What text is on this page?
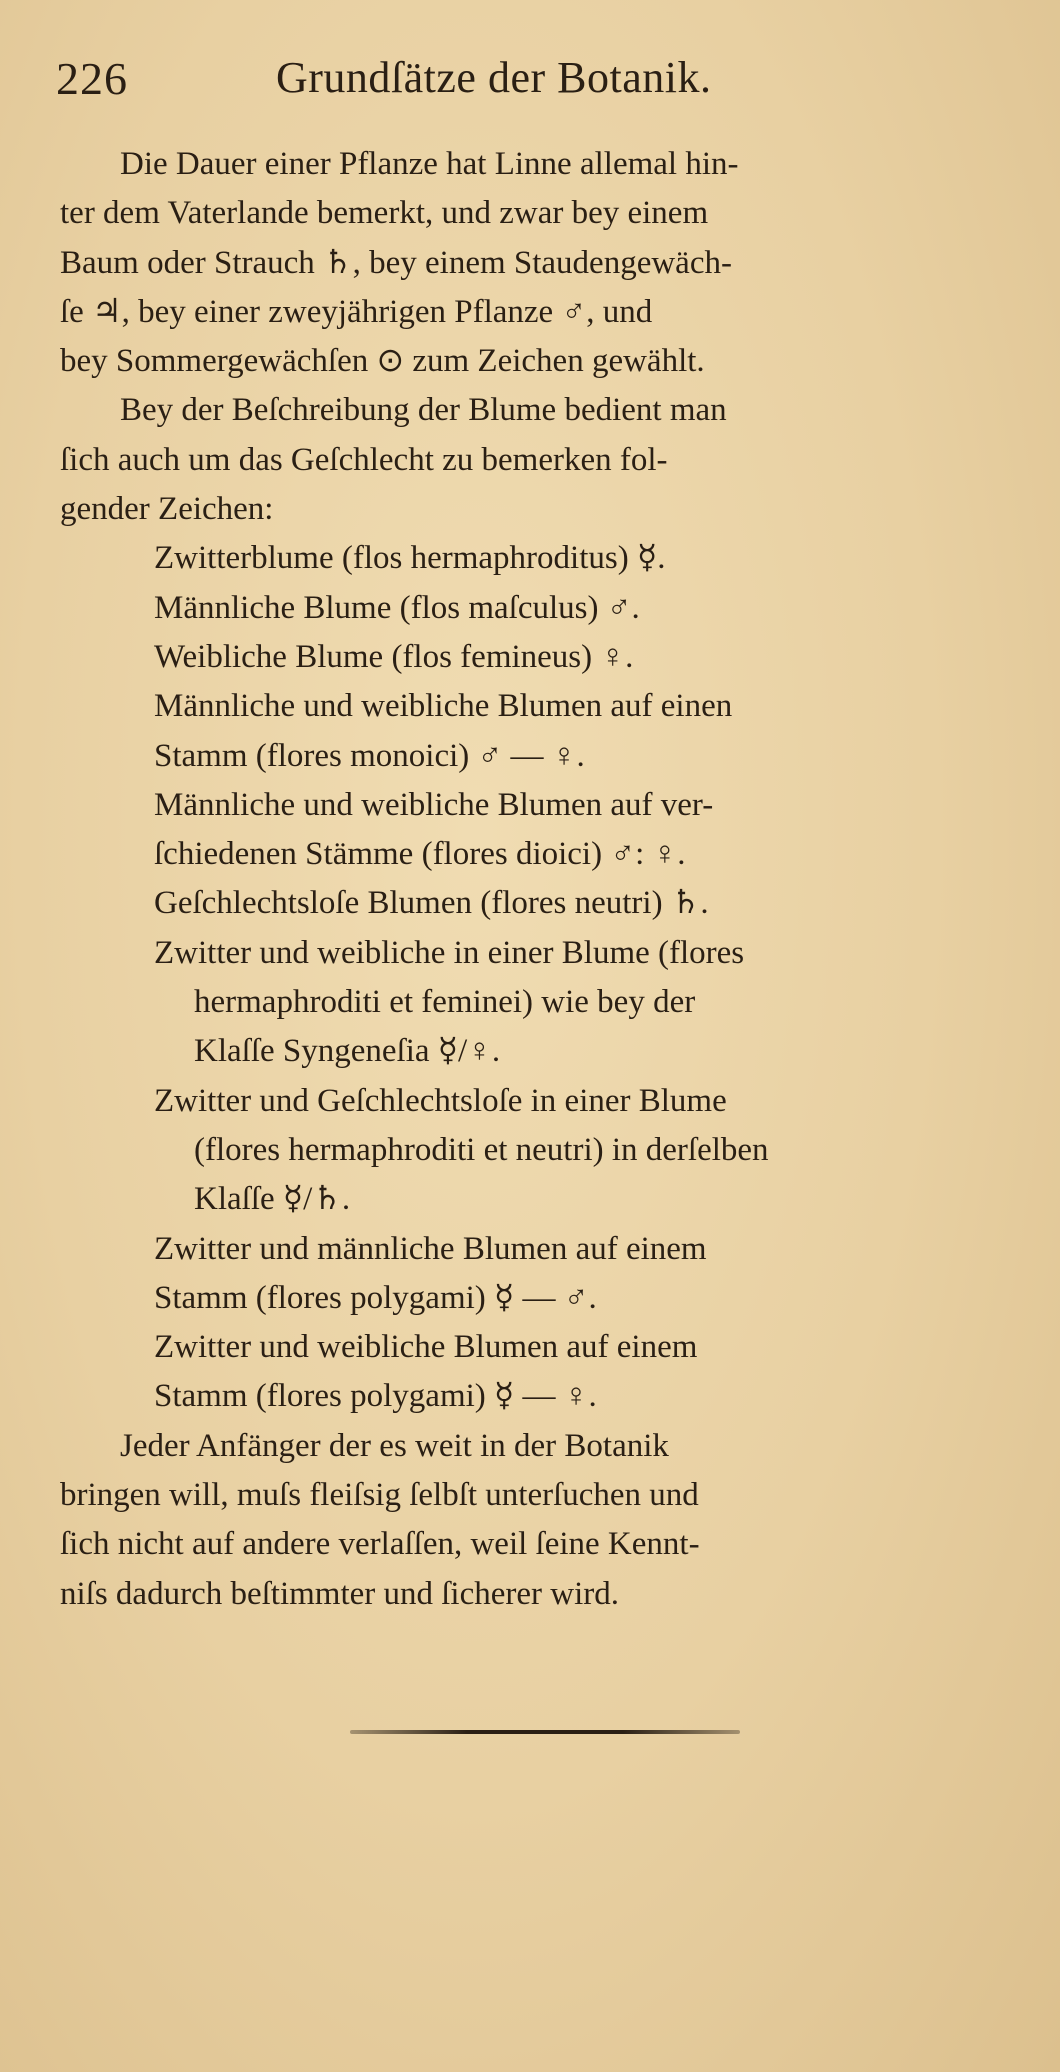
226	Grundſätze der Botanik.
Die Dauer einer Pflanze hat Linne allemal hin-
ter dem Vaterlande bemerkt, und zwar bey einem
Baum oder Strauch ♄, bey einem Staudengewäch-
ſe ♃, bey einer zweyjährigen Pflanze ♂, und
bey Sommergewächſen ⊙ zum Zeichen gewählt.
Bey der Beſchreibung der Blume bedient man
ſich auch um das Geſchlecht zu bemerken fol-
gender Zeichen:
Zwitterblume (flos hermaphroditus) ☿.
Männliche Blume (flos maſculus) ♂.
Weibliche Blume (flos femineus) ♀.
Männliche und weibliche Blumen auf einen
Stamm (flores monoici) ♂ — ♀.
Männliche und weibliche Blumen auf ver-
ſchiedenen Stämme (flores dioici) ♂: ♀.
Geſchlechtsloſe Blumen (flores neutri) ♄.
Zwitter und weibliche in einer Blume (flores
hermaphroditi et feminei) wie bey der
Klaſſe Syngeneſia ☿/♀.
Zwitter und Geſchlechtsloſe in einer Blume
(flores hermaphroditi et neutri) in derſelben
Klaſſe ☿/♄.
Zwitter und männliche Blumen auf einem
Stamm (flores polygami) ☿ — ♂.
Zwitter und weibliche Blumen auf einem
Stamm (flores polygami) ☿ — ♀.
Jeder Anfänger der es weit in der Botanik
bringen will, muſs fleiſsig ſelbſt unterſuchen und
ſich nicht auf andere verlaſſen, weil ſeine Kennt-
niſs dadurch beſtimmter und ſicherer wird.
